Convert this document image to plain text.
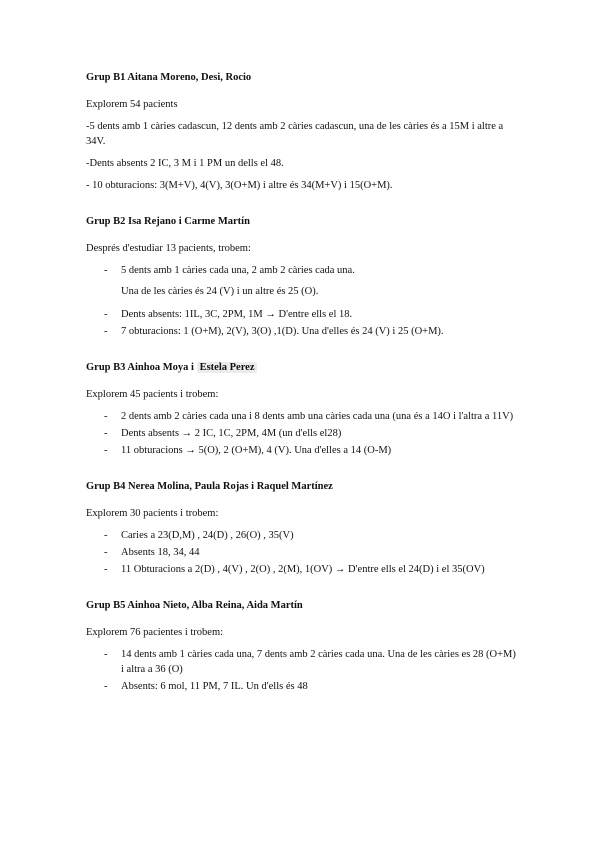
Grup B1 Aitana Moreno, Desi, Rocio

Explorem 54 pacients

-5 dents amb 1 càries cadascun, 12 dents amb 2 càries cadascun, una de les càries és a 15M i altre a 34V.

-Dents absents 2 IC, 3 M i 1 PM un dells el 48.

- 10 obturacions: 3(M+V), 4(V), 3(O+M) i altre és 34(M+V) i 15(O+M).

Grup B2 Isa Rejano i Carme Martín

Després d'estudiar 13 pacients, trobem:

- 5 dents amb 1 càries cada una, 2 amb 2 càries cada una.

Una de les càries és 24 (V) i un altre és 25 (O).

- Dents absents: 1IL, 3C, 2PM, 1M → D'entre ells el 18.
- 7 obturacions: 1 (O+M), 2(V), 3(O) ,1(D). Una d'elles és 24 (V) i 25 (O+M).

Grup B3 Ainhoa Moya i Estela Perez

Explorem 45 pacients i trobem:

- 2 dents amb 2 càries cada una i 8 dents amb una càries cada una (una és a 14O i l'altra a 11V)
- Dents absents → 2 IC, 1C, 2PM, 4M (un d'ells el28)
- 11 obturacions → 5(O), 2 (O+M), 4 (V). Una d'elles a 14 (O-M)

Grup B4 Nerea Molina, Paula Rojas i Raquel Martínez

Explorem 30 pacients i trobem:

- Caries a 23(D,M) , 24(D) , 26(O) , 35(V)
- Absents 18, 34, 44
- 11 Obturacions a 2(D) , 4(V) , 2(O) , 2(M), 1(OV) → D'entre ells el 24(D) i el 35(OV)

Grup B5 Ainhoa Nieto, Alba Reina, Aida Martín

Explorem 76 pacientes i trobem:

- 14 dents amb 1 càries cada una, 7 dents amb 2 càries cada una. Una de les càries es 28 (O+M) i altra a 36 (O)
- Absents: 6 mol, 11 PM, 7 IL. Un d'ells és 48
